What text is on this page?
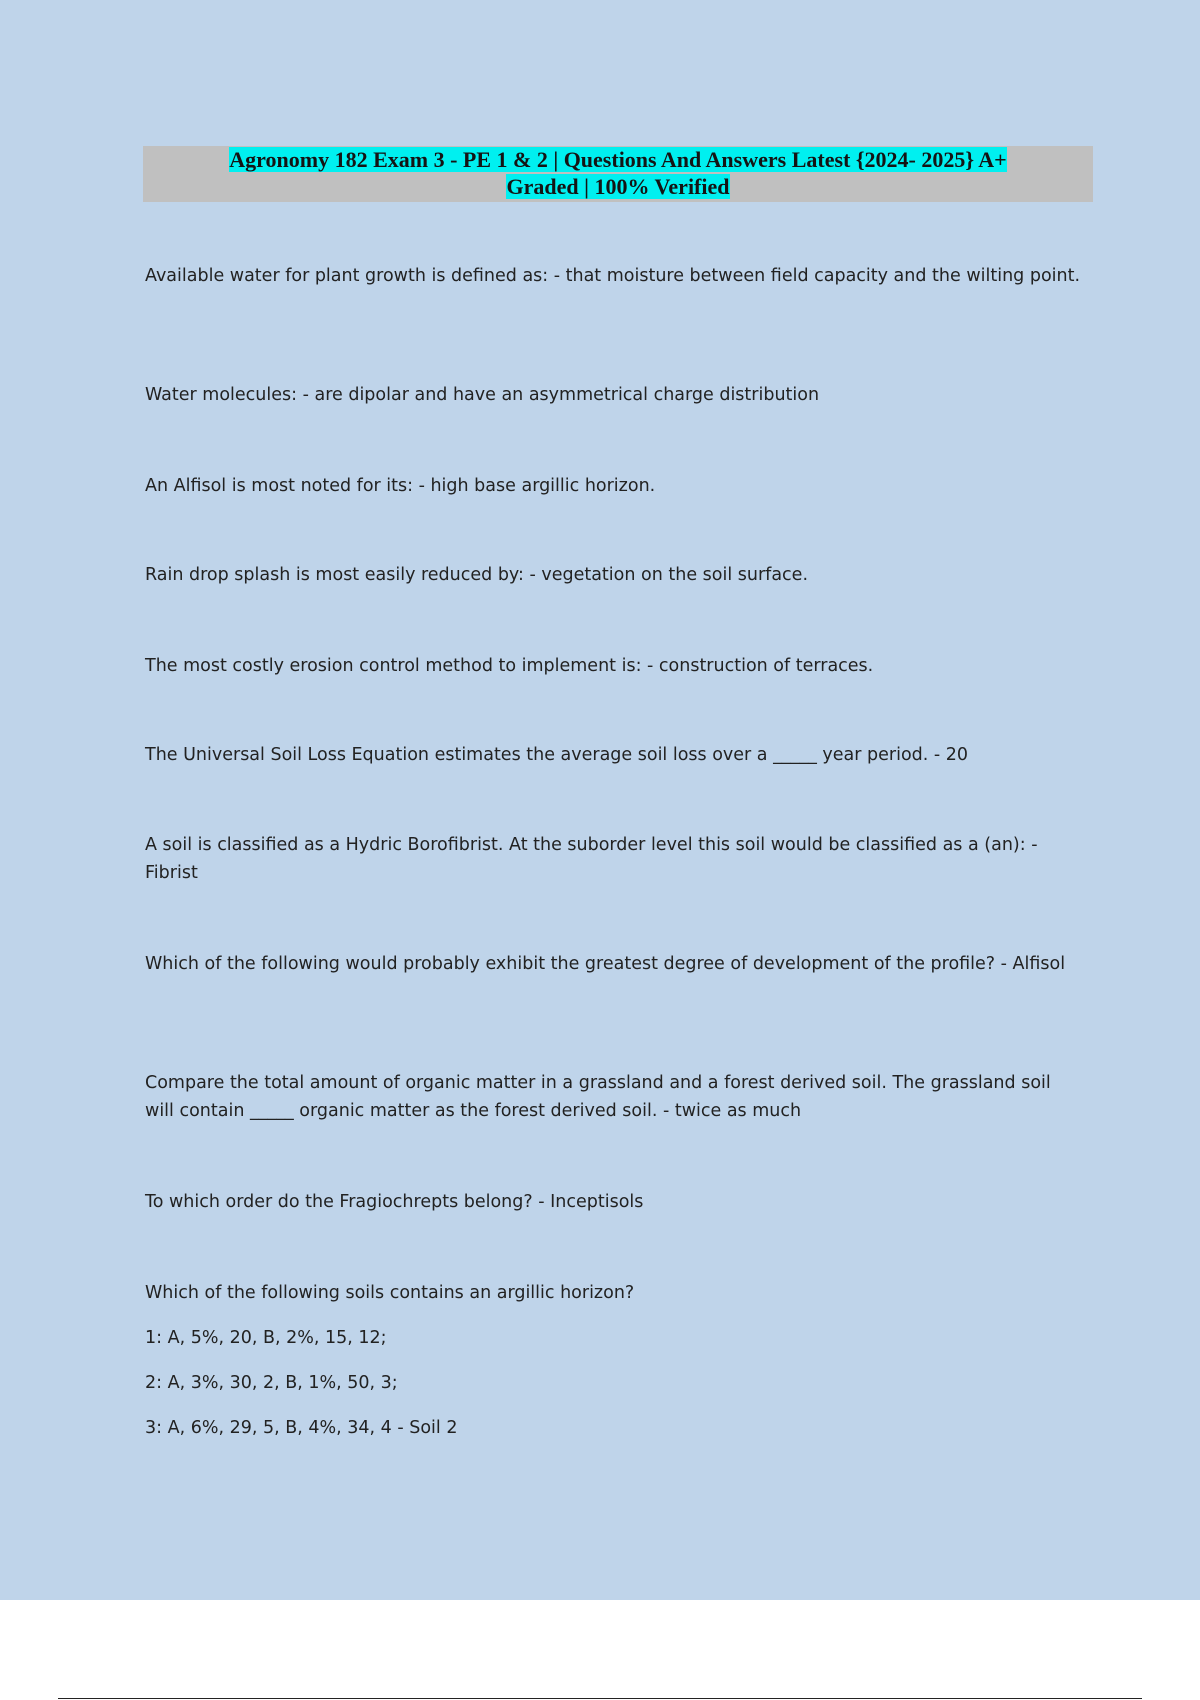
Agronomy 182 Exam 3 - PE 1 & 2 | Questions And Answers Latest {2024- 2025} A+
Graded | 100% Verified

Available water for plant growth is defined as: - that moisture between field capacity and the wilting point.

Water molecules: - are dipolar and have an asymmetrical charge distribution

An Alfisol is most noted for its: - high base argillic horizon.

Rain drop splash is most easily reduced by: - vegetation on the soil surface.

The most costly erosion control method to implement is: - construction of terraces.

The Universal Soil Loss Equation estimates the average soil loss over a _____ year period. - 20

A soil is classified as a Hydric Borofibrist. At the suborder level this soil would be classified as a (an): - Fibrist

Which of the following would probably exhibit the greatest degree of development of the profile? - Alfisol

Compare the total amount of organic matter in a grassland and a forest derived soil. The grassland soil will contain _____ organic matter as the forest derived soil. - twice as much

To which order do the Fragiochrepts belong? - Inceptisols

Which of the following soils contains an argillic horizon?

1: A, 5%, 20, B, 2%, 15, 12;

2: A, 3%, 30, 2, B, 1%, 50, 3;

3: A, 6%, 29, 5, B, 4%, 34, 4 - Soil 2
